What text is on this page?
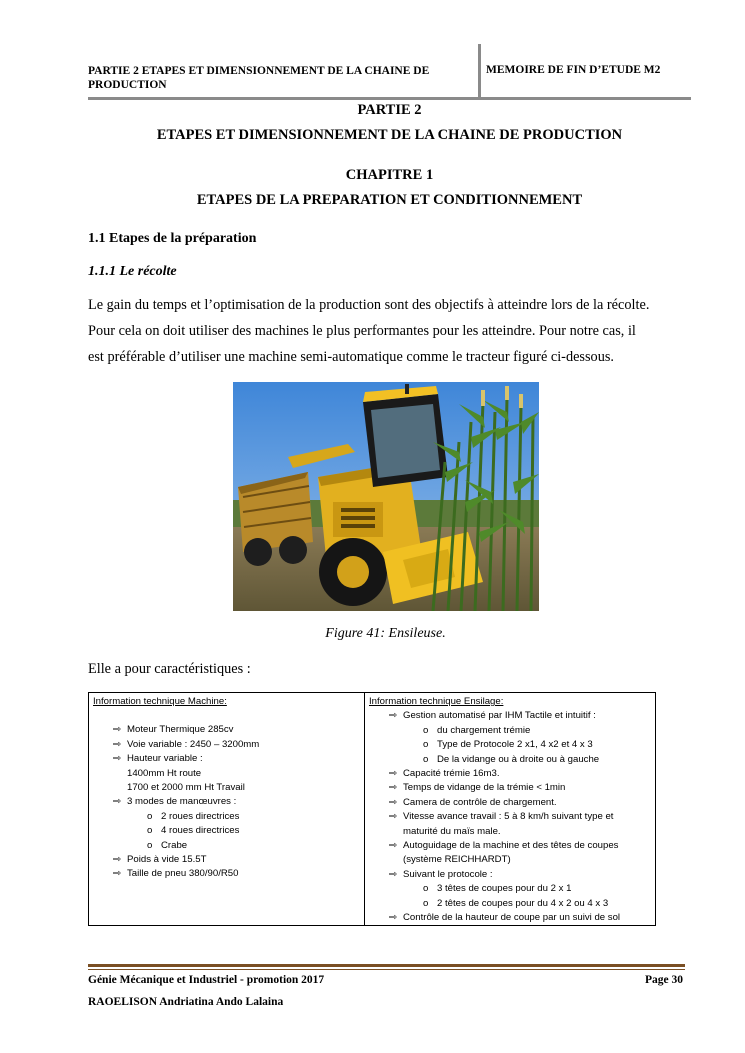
PARTIE 2 ETAPES ET DIMENSIONNEMENT DE LA CHAINE DE PRODUCTION
MEMOIRE DE FIN D’ETUDE M2
PARTIE 2
ETAPES ET DIMENSIONNEMENT DE LA CHAINE DE PRODUCTION
CHAPITRE 1
ETAPES DE LA PREPARATION ET CONDITIONNEMENT
1.1 Etapes de la préparation
1.1.1 Le récolte
Le gain du temps et l’optimisation de la production sont des objectifs à atteindre lors de la récolte.
Pour cela on doit utiliser des machines le plus performantes pour les atteindre. Pour notre cas, il
est préférable d’utiliser une machine semi-automatique comme le tracteur figuré ci-dessous.
Figure 41: Ensileuse.
Elle a pour caractéristiques :
Information technique Machine:
⇨ Moteur Thermique 285cv
⇨ Voie variable : 2450 – 3200mm
⇨ Hauteur variable :
1400mm Ht route
1700 et 2000 mm Ht Travail
⇨ 3 modes de manœuvres :
o 2 roues directrices
o 4 roues directrices
o Crabe
⇨ Poids à vide 15.5T
⇨ Taille de pneu 380/90/R50
Information technique Ensilage:
⇨ Gestion automatisé par IHM Tactile et intuitif :
o du chargement trémie
o Type de Protocole 2 x1, 4 x2 et 4 x 3
o De la vidange ou à droite ou à gauche
⇨ Capacité trémie 16m3.
⇨ Temps de vidange de la trémie < 1min
⇨ Camera de contrôle de chargement.
⇨ Vitesse avance travail : 5 à 8 km/h suivant type et
maturité du maïs male.
⇨ Autoguidage de la machine et des têtes de coupes
(système REICHHARDT)
⇨ Suivant le protocole :
o 3 têtes de coupes pour du 2 x 1
o 2 têtes de coupes pour du 4 x 2 ou 4 x 3
⇨ Contrôle de la hauteur de coupe par un suivi de sol
Génie Mécanique et Industriel - promotion 2017	Page 30
RAOELISON Andriatina Ando Lalaina
